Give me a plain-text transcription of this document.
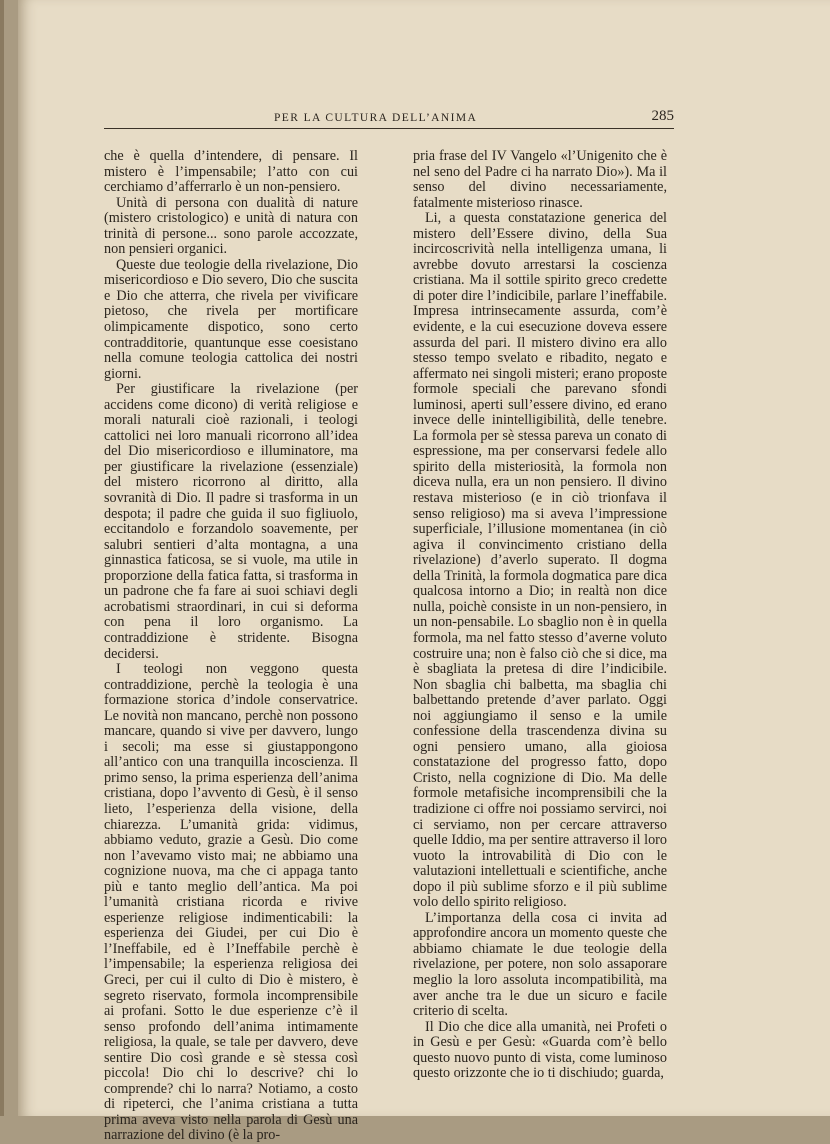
PER LA CULTURA DELL’ANIMA	285

che è quella d’intendere, di pensare. Il mistero è l’impensabile; l’atto con cui cerchiamo d’afferrarlo è un non-pensiero.

Unità di persona con dualità di nature (mistero cristologico) e unità di natura con trinità di persone... sono parole accozzate, non pensieri organici.

Queste due teologie della rivelazione, Dio misericordioso e Dio severo, Dio che suscita e Dio che atterra, che rivela per vivificare pietoso, che rivela per mortificare olimpicamente dispotico, sono certo contradditorie, quantunque esse coesistano nella comune teologia cattolica dei nostri giorni.

Per giustificare la rivelazione (per accidens come dicono) di verità religiose e morali naturali cioè razionali, i teologi cattolici nei loro manuali ricorrono all’idea del Dio misericordioso e illuminatore, ma per giustificare la rivelazione (essenziale) del mistero ricorrono al diritto, alla sovranità di Dio. Il padre si trasforma in un despota; il padre che guida il suo figliuolo, eccitandolo e forzandolo soavemente, per salubri sentieri d’alta montagna, a una ginnastica faticosa, se si vuole, ma utile in proporzione della fatica fatta, si trasforma in un padrone che fa fare ai suoi schiavi degli acrobatismi straordinari, in cui si deforma con pena il loro organismo. La contraddizione è stridente. Bisogna decidersi.

I teologi non veggono questa contraddizione, perchè la teologia è una formazione storica d’indole conservatrice. Le novità non mancano, perchè non possono mancare, quando si vive per davvero, lungo i secoli; ma esse si giustappongono all’antico con una tranquilla incoscienza. Il primo senso, la prima esperienza dell’anima cristiana, dopo l’avvento di Gesù, è il senso lieto, l’esperienza della visione, della chiarezza. L’umanità grida: vidimus, abbiamo veduto, grazie a Gesù. Dio come non l’avevamo visto mai; ne abbiamo una cognizione nuova, ma che ci appaga tanto più e tanto meglio dell’antica. Ma poi l’umanità cristiana ricorda e rivive esperienze religiose indimenticabili: la esperienza dei Giudei, per cui Dio è l’Ineffabile, ed è l’Ineffabile perchè è l’impensabile; la esperienza religiosa dei Greci, per cui il culto di Dio è mistero, è segreto riservato, formola incomprensibile ai profani. Sotto le due esperienze c’è il senso profondo dell’anima intimamente religiosa, la quale, se tale per davvero, deve sentire Dio così grande e sè stessa così piccola! Dio chi lo descrive? chi lo comprende? chi lo narra? Notiamo, a costo di ripeterci, che l’anima cristiana a tutta prima aveva visto nella parola di Gesù una narrazione del divino (è la pro-

pria frase del IV Vangelo «l’Unigenito che è nel seno del Padre ci ha narrato Dio»). Ma il senso del divino necessariamente, fatalmente misterioso rinasce.

Li, a questa constatazione generica del mistero dell’Essere divino, della Sua incircoscrività nella intelligenza umana, li avrebbe dovuto arrestarsi la coscienza cristiana. Ma il sottile spirito greco credette di poter dire l’indicibile, parlare l’ineffabile. Impresa intrinsecamente assurda, com’è evidente, e la cui esecuzione doveva essere assurda del pari. Il mistero divino era allo stesso tempo svelato e ribadito, negato e affermato nei singoli misteri; erano proposte formole speciali che parevano sfondi luminosi, aperti sull’essere divino, ed erano invece delle inintelligibilità, delle tenebre. La formola per sè stessa pareva un conato di espressione, ma per conservarsi fedele allo spirito della misteriosità, la formola non diceva nulla, era un non pensiero. Il divino restava misterioso (e in ciò trionfava il senso religioso) ma si aveva l’impressione superficiale, l’illusione momentanea (in ciò agiva il convincimento cristiano della rivelazione) d’averlo superato. Il dogma della Trinità, la formola dogmatica pare dica qualcosa intorno a Dio; in realtà non dice nulla, poichè consiste in un non-pensiero, in un non-pensabile. Lo sbaglio non è in quella formola, ma nel fatto stesso d’averne voluto costruire una; non è falso ciò che si dice, ma è sbagliata la pretesa di dire l’indicibile. Non sbaglia chi balbetta, ma sbaglia chi balbettando pretende d’aver parlato. Oggi noi aggiungiamo il senso e la umile confessione della trascendenza divina su ogni pensiero umano, alla gioiosa constatazione del progresso fatto, dopo Cristo, nella cognizione di Dio. Ma delle formole metafisiche incomprensibili che la tradizione ci offre noi possiamo servirci, noi ci serviamo, non per cercare attraverso quelle Iddio, ma per sentire attraverso il loro vuoto la introvabilità di Dio con le valutazioni intellettuali e scientifiche, anche dopo il più sublime sforzo e il più sublime volo dello spirito religioso.

L’importanza della cosa ci invita ad approfondire ancora un momento queste che abbiamo chiamate le due teologie della rivelazione, per potere, non solo assaporare meglio la loro assoluta incompatibilità, ma aver anche tra le due un sicuro e facile criterio di scelta.

Il Dio che dice alla umanità, nei Profeti o in Gesù e per Gesù: «Guarda com’è bello questo nuovo punto di vista, come luminoso questo orizzonte che io ti dischiudo; guarda,
